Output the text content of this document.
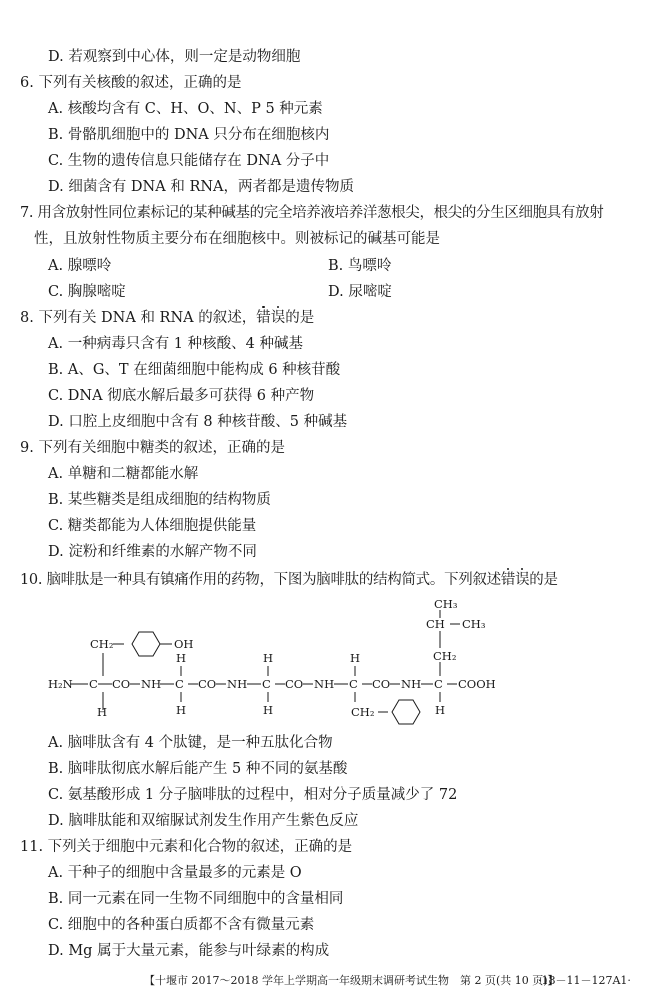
D. 若观察到中心体，则一定是动物细胞
6. 下列有关核酸的叙述，正确的是
A. 核酸均含有 C、H、O、N、P 5 种元素
B. 骨骼肌细胞中的 DNA 只分布在细胞核内
C. 生物的遗传信息只能储存在 DNA 分子中
D. 细菌含有 DNA 和 RNA，两者都是遗传物质
7. 用含放射性同位素标记的某种碱基的完全培养液培养洋葱根尖，根尖的分生区细胞具有放射
性，且放射性物质主要分布在细胞核中。则被标记的碱基可能是
A. 腺嘌呤	B. 鸟嘌呤
C. 胸腺嘧啶	D. 尿嘧啶
8. 下列有关 DNA 和 RNA 的叙述，错误的是
A. 一种病毒只含有 1 种核酸、4 种碱基
B. A、G、T 在细菌细胞中能构成 6 种核苷酸
C. DNA 彻底水解后最多可获得 6 种产物
D. 口腔上皮细胞中含有 8 种核苷酸、5 种碱基
9. 下列有关细胞中糖类的叙述，正确的是
A. 单糖和二糖都能水解
B. 某些糖类是组成细胞的结构物质
C. 糖类都能为人体细胞提供能量
D. 淀粉和纤维素的水解产物不同
10. 脑啡肽是一种具有镇痛作用的药物，下图为脑啡肽的结构简式。下列叙述错误的是
CH₃
CH CH₃
CH₂
CH₂	OH
H	H	H
H₂N C CO NH C CO NH C CO NH C CO NH C COOH
H	H	H	H
CH₂
A. 脑啡肽含有 4 个肽键，是一种五肽化合物
B. 脑啡肽彻底水解后能产生 5 种不同的氨基酸
C. 氨基酸形成 1 分子脑啡肽的过程中，相对分子质量减少了 72
D. 脑啡肽能和双缩脲试剂发生作用产生紫色反应
11. 下列关于细胞中元素和化合物的叙述，正确的是
A. 干种子的细胞中含量最多的元素是 O
B. 同一元素在同一生物不同细胞中的含量相同
C. 细胞中的各种蛋白质都不含有微量元素
D. Mg 属于大量元素，能参与叶绿素的构成
【十堰市 2017～2018 学年上学期高一年级期末调研考试生物　第 2 页(共 10 页)】
·18－11－127A1·
